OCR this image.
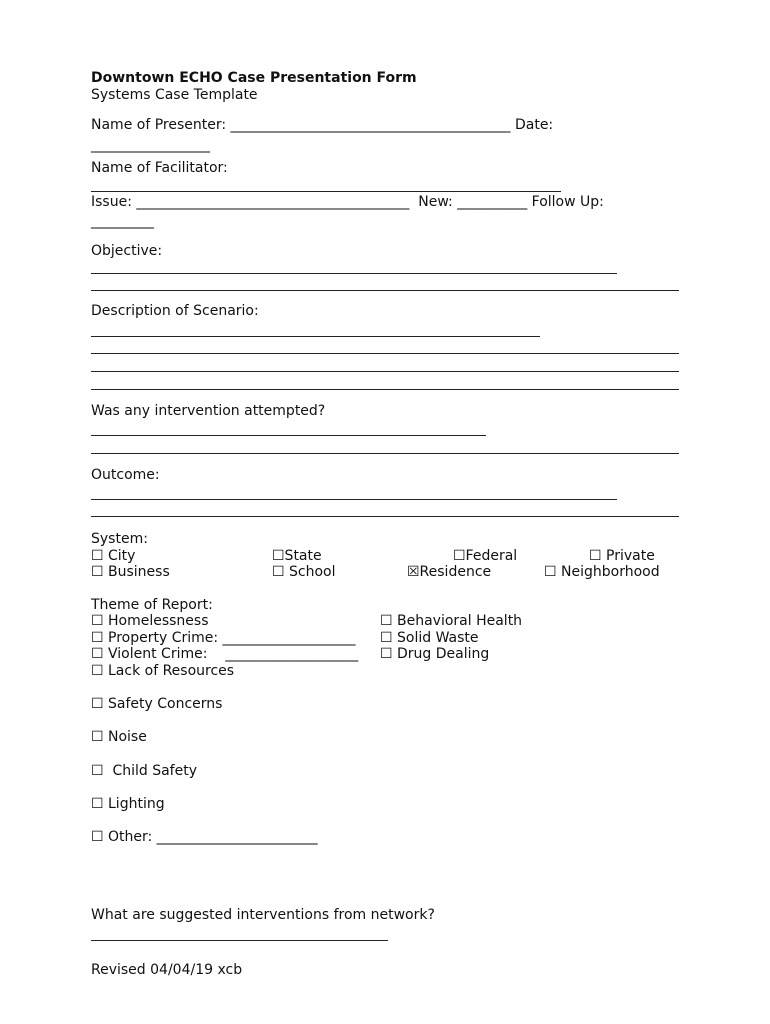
Downtown ECHO Case Presentation Form
Systems Case Template
Name of Presenter: ________________________________________ Date:
_________________
Name of Facilitator:
Issue: _______________________________________  New: __________ Follow Up:
_________
Objective:
Description of Scenario:
Was any intervention attempted?
Outcome:
System:
☐ City	☐State	☐Federal	☐ Private
☐ Business	☐ School	☒Residence	☐ Neighborhood
Theme of Report:
☐ Homelessness	☐ Behavioral Health
☐ Property Crime: ___________________ ☐ Solid Waste
☐ Violent Crime:    ___________________ ☐ Drug Dealing
☐ Lack of Resources
☐ Safety Concerns
☐ Noise
☐  Child Safety
☐ Lighting
☐ Other: _______________________
What are suggested interventions from network?
Revised 04/04/19 xcb
